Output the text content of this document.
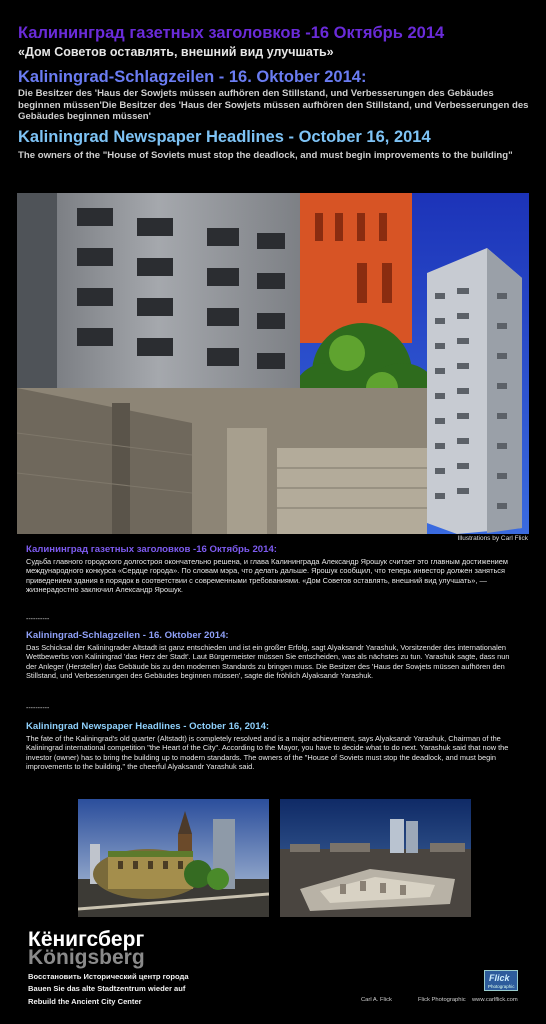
Калининград газетных заголовков -16 Октябрь 2014
«Дом Советов оставлять, внешний вид улучшать»
Kaliningrad-Schlagzeilen - 16. Oktober 2014:
Die Besitzer des 'Haus der Sowjets müssen aufhören den Stillstand, und Verbesserungen des Gebäudes beginnen müssen'Die Besitzer des 'Haus der Sowjets müssen aufhören den Stillstand, und Verbesserungen des Gebäudes beginnen müssen'
Kaliningrad Newspaper Headlines - October 16, 2014
The owners of the "House of Soviets must stop the deadlock, and must begin improvements to the building"
Illustrations by Carl Flick
Калининград газетных заголовков -16 Октябрь 2014:
Судьба главного городского долгостроя окончательно решена, и глава Калининграда Александр Ярошук считает это главным достижением международного конкурса «Сердце города». По словам мэра, что делать дальше. Ярошук сообщил, что теперь инвестор должен заняться приведением здания в порядок в соответствии с современными требованиями. «Дом Советов оставлять, внешний вид улучшать», — жизнерадостно заключил Александр Ярошук.
----------
Kaliningrad-Schlagzeilen - 16. Oktober 2014:
Das Schicksal der Kaliningrader Altstadt ist ganz entschieden und ist ein großer Erfolg, sagt Alyaksandr Yarashuk, Vorsitzender des internationalen Wettbewerbs von Kaliningrad 'das Herz der Stadt'. Laut Bürgermeister müssen Sie entscheiden, was als nächstes zu tun. Yarashuk sagte, dass nun der Anleger (Hersteller) das Gebäude bis zu den modernen Standards zu bringen muss. Die Besitzer des 'Haus der Sowjets müssen aufhören den Stillstand, und Verbesserungen des Gebäudes beginnen müssen', sagte die fröhlich Alyaksandr Yarashuk.
----------
Kaliningrad Newspaper Headlines - October 16, 2014:
The fate of the Kaliningrad's old quarter (Altstadt) is completely resolved and is a major achievement, says Alyaksandr Yarashuk, Chairman of the Kaliningrad international competition "the Heart of the City". According to the Mayor, you have to decide what to do next. Yarashuk said that now the investor (owner) has to bring the building up to modern standards. The owners of the "House of Soviets must stop the deadlock, and must begin improvements to the building," the cheerful Alyaksandr Yarashuk said.
Кёнигсберг
Königsberg
Восстановить Исторический центр города
Bauen Sie das alte Stadtzentrum wieder auf
Rebuild the Ancient City Center	Carl A. Flick	Flick Photographic www.carlflick.com
Flick
Photographic
